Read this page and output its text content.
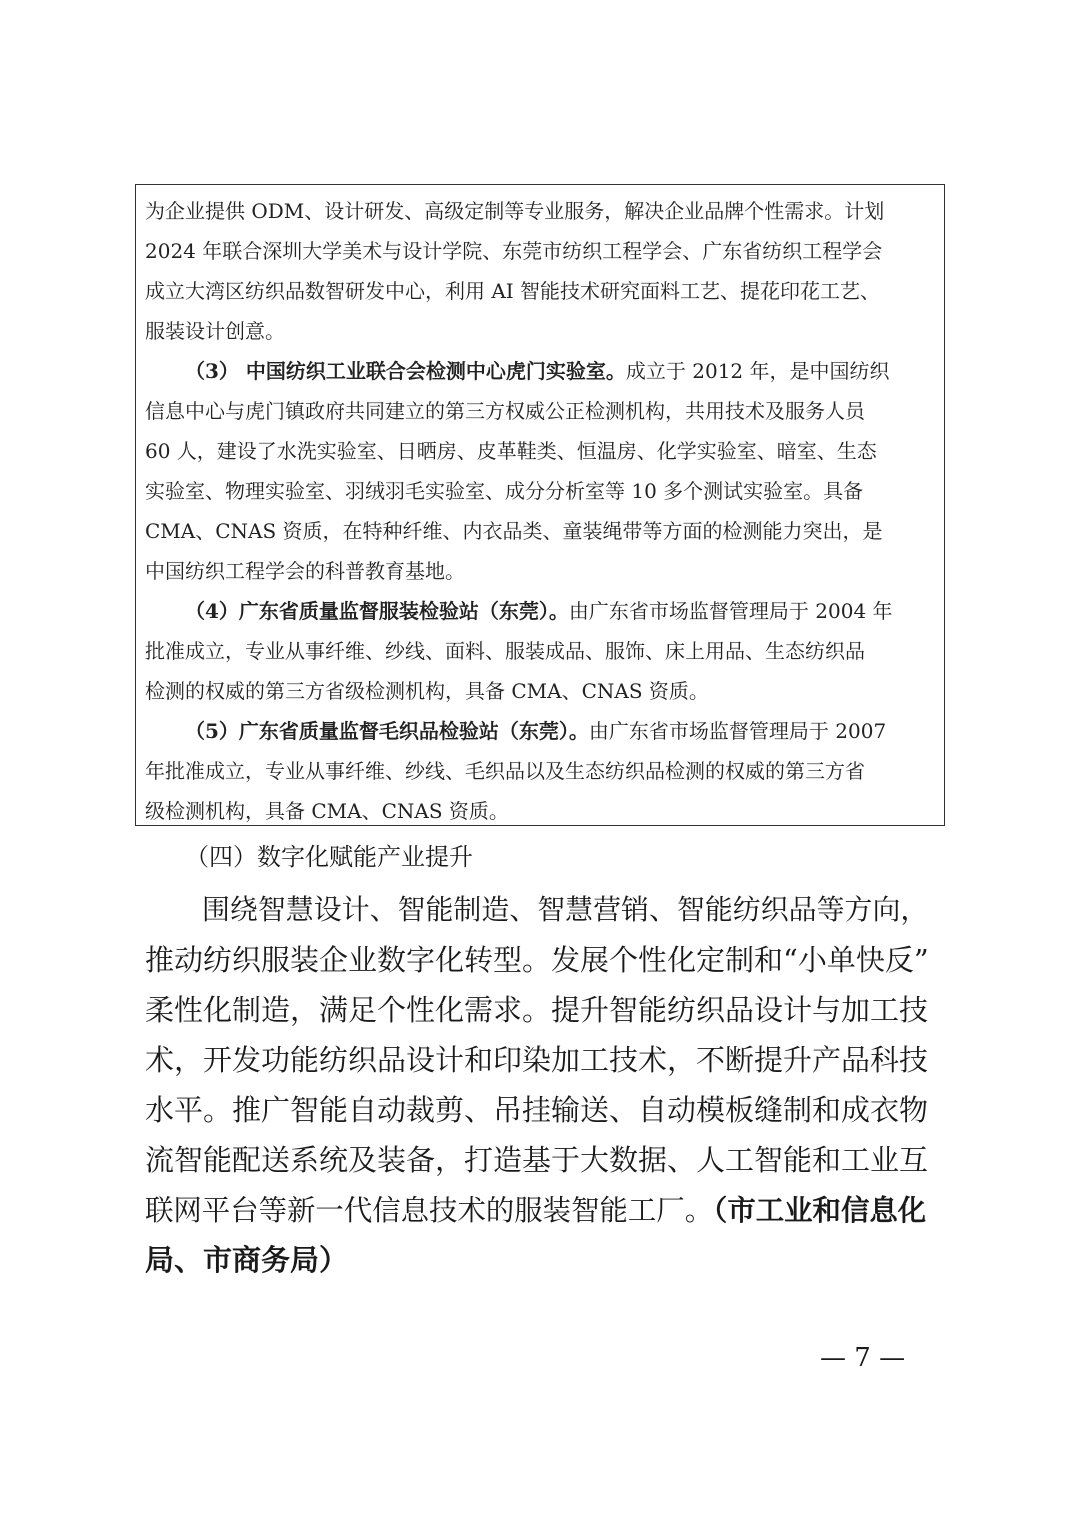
为企业提供 ODM、设计研发、高级定制等专业服务，解决企业品牌个性需求。计划
2024 年联合深圳大学美术与设计学院、东莞市纺织工程学会、广东省纺织工程学会
成立大湾区纺织品数智研发中心，利用 AI 智能技术研究面料工艺、提花印花工艺、
服装设计创意。
（3） 中国纺织工业联合会检测中心虎门实验室。成立于 2012 年，是中国纺织
信息中心与虎门镇政府共同建立的第三方权威公正检测机构，共用技术及服务人员
60 人，建设了水洗实验室、日晒房、皮革鞋类、恒温房、化学实验室、暗室、生态
实验室、物理实验室、羽绒羽毛实验室、成分分析室等 10 多个测试实验室。具备
CMA、CNAS 资质，在特种纤维、内衣品类、童装绳带等方面的检测能力突出，是
中国纺织工程学会的科普教育基地。
（4）广东省质量监督服装检验站（东莞）。由广东省市场监督管理局于 2004 年
批准成立，专业从事纤维、纱线、面料、服装成品、服饰、床上用品、生态纺织品
检测的权威的第三方省级检测机构，具备 CMA、CNAS 资质。
（5）广东省质量监督毛织品检验站（东莞）。由广东省市场监督管理局于 2007
年批准成立，专业从事纤维、纱线、毛织品以及生态纺织品检测的权威的第三方省
级检测机构，具备 CMA、CNAS 资质。
（四）数字化赋能产业提升
围绕智慧设计、智能制造、智慧营销、智能纺织品等方向，
推动纺织服装企业数字化转型。发展个性化定制和“小单快反”
柔性化制造，满足个性化需求。提升智能纺织品设计与加工技
术，开发功能纺织品设计和印染加工技术，不断提升产品科技
水平。推广智能自动裁剪、吊挂输送、自动模板缝制和成衣物
流智能配送系统及装备，打造基于大数据、人工智能和工业互
联网平台等新一代信息技术的服装智能工厂。（市工业和信息化
局、市商务局）
— 7 —
